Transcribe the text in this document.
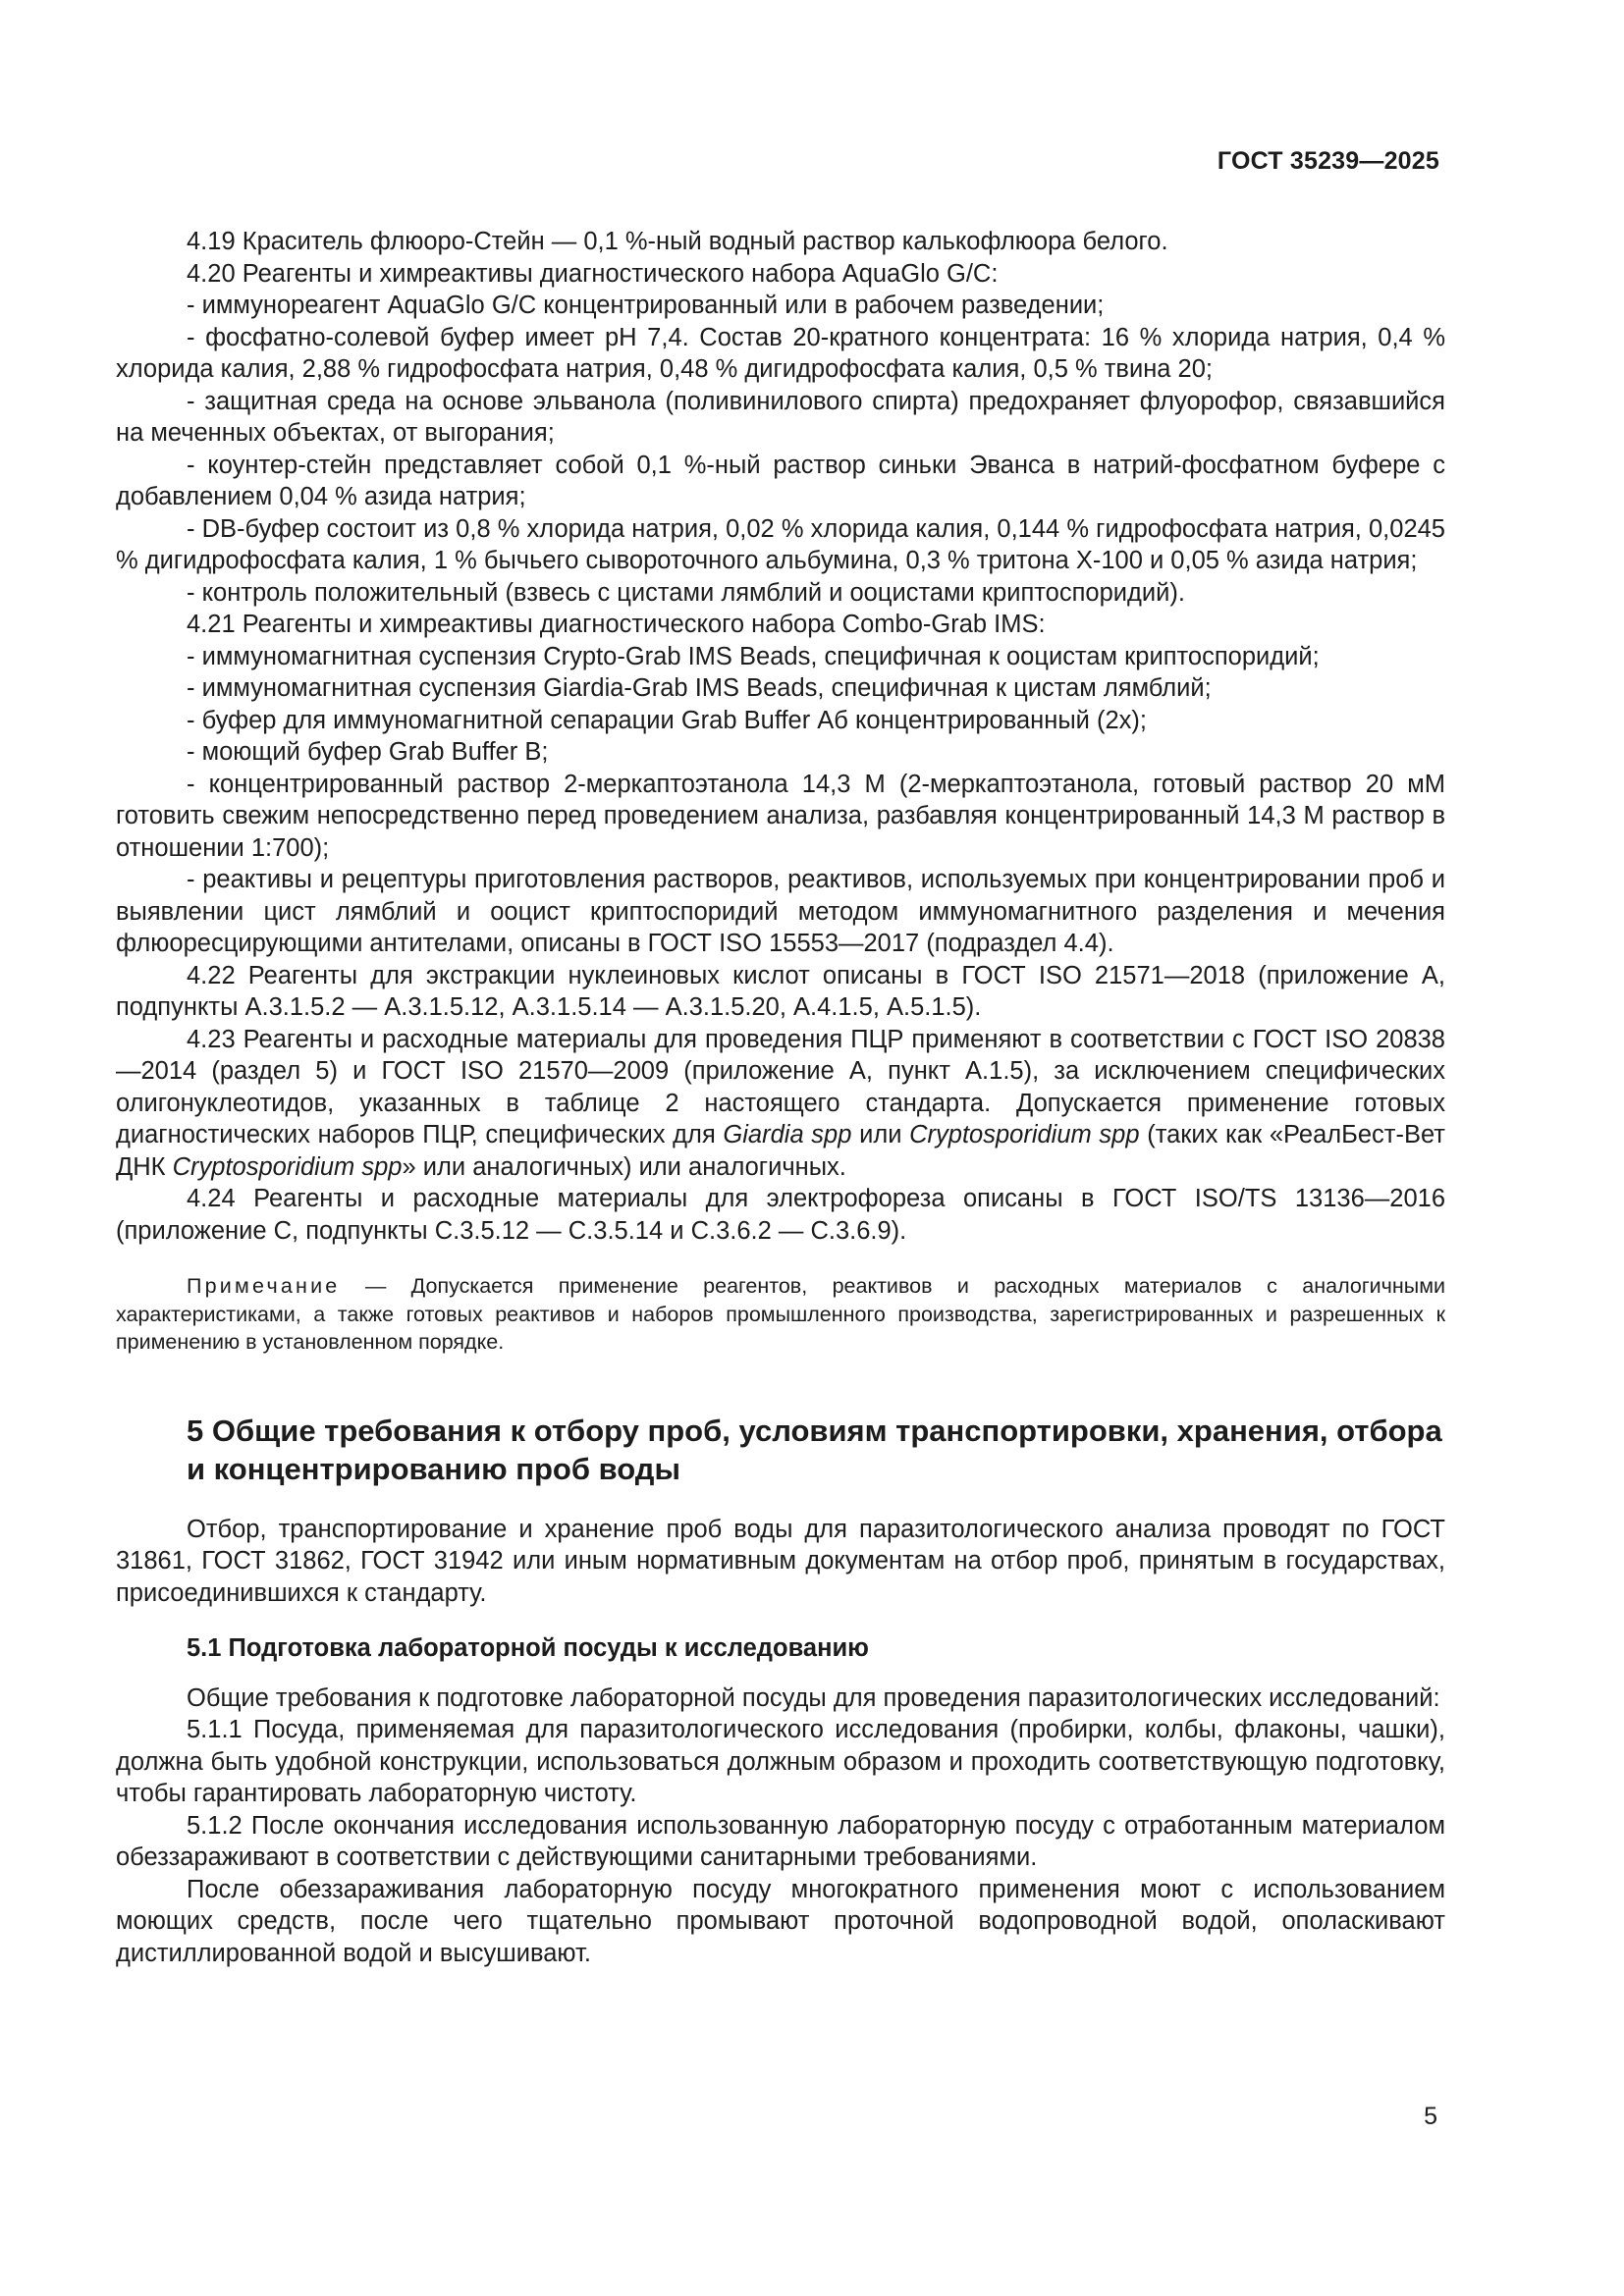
ГОСТ 35239—2025

4.19 Краситель флюоро-Стейн — 0,1 %-ный водный раствор калькофлюора белого.

4.20 Реагенты и химреактивы диагностического набора AquaGlo G/C:

- иммунореагент AquaGlo G/C концентрированный или в рабочем разведении;

- фосфатно-солевой буфер имеет pH 7,4. Состав 20-кратного концентрата: 16 % хлорида натрия, 0,4 % хлорида калия, 2,88 % гидрофосфата натрия, 0,48 % дигидрофосфата калия, 0,5 % твина 20;

- защитная среда на основе эльванола (поливинилового спирта) предохраняет флуорофор, связавшийся на меченных объектах, от выгорания;

- коунтер-стейн представляет собой 0,1 %-ный раствор синьки Эванса в натрий-фосфатном буфере с добавлением 0,04 % азида натрия;

- DB-буфер состоит из 0,8 % хлорида натрия, 0,02 % хлорида калия, 0,144 % гидрофосфата натрия, 0,0245 % дигидрофосфата калия, 1 % бычьего сывороточного альбумина, 0,3 % тритона Х-100 и 0,05 % азида натрия;

- контроль положительный (взвесь с цистами лямблий и ооцистами криптоспоридий).

4.21 Реагенты и химреактивы диагностического набора Combo-Grab IMS:

- иммуномагнитная суспензия Crypto-Grab IMS Beads, специфичная к ооцистам криптоспоридий;

- иммуномагнитная суспензия Giardia-Grab IMS Beads, специфичная к цистам лямблий;

- буфер для иммуномагнитной сепарации Grab Buffer Аб концентрированный (2х);

- моющий буфер Grab Buffer В;

- концентрированный раствор 2-меркаптоэтанола 14,3 М (2-меркаптоэтанола, готовый раствор 20 мМ готовить свежим непосредственно перед проведением анализа, разбавляя концентрированный 14,3 М раствор в отношении 1:700);

- реактивы и рецептуры приготовления растворов, реактивов, используемых при концентрировании проб и выявлении цист лямблий и ооцист криптоспоридий методом иммуномагнитного разделения и мечения флюоресцирующими антителами, описаны в ГОСТ ISO 15553—2017 (подраздел 4.4).

4.22 Реагенты для экстракции нуклеиновых кислот описаны в ГОСТ ISO 21571—2018 (приложение А, подпункты А.3.1.5.2 — А.3.1.5.12, А.3.1.5.14 — А.3.1.5.20, А.4.1.5, А.5.1.5).

4.23 Реагенты и расходные материалы для проведения ПЦР применяют в соответствии с ГОСТ ISO 20838—2014 (раздел 5) и ГОСТ ISO 21570—2009 (приложение А, пункт А.1.5), за исключением специфических олигонуклеотидов, указанных в таблице 2 настоящего стандарта. Допускается применение готовых диагностических наборов ПЦР, специфических для Giardia spp или Cryptosporidium spp (таких как «РеалБест-Вет ДНК Cryptosporidium spp» или аналогичных) или аналогичных.

4.24 Реагенты и расходные материалы для электрофореза описаны в ГОСТ ISO/TS 13136—2016 (приложение С, подпункты С.3.5.12 — С.3.5.14 и С.3.6.2 — С.3.6.9).

Примечание — Допускается применение реагентов, реактивов и расходных материалов с аналогичными характеристиками, а также готовых реактивов и наборов промышленного производства, зарегистрированных и разрешенных к применению в установленном порядке.
5 Общие требования к отбору проб, условиям транспортировки, хранения, отбора и концентрированию проб воды

Отбор, транспортирование и хранение проб воды для паразитологического анализа проводят по ГОСТ 31861, ГОСТ 31862, ГОСТ 31942 или иным нормативным документам на отбор проб, принятым в государствах, присоединившихся к стандарту.

5.1 Подготовка лабораторной посуды к исследованию

Общие требования к подготовке лабораторной посуды для проведения паразитологических исследований:

5.1.1 Посуда, применяемая для паразитологического исследования (пробирки, колбы, флаконы, чашки), должна быть удобной конструкции, использоваться должным образом и проходить соответствующую подготовку, чтобы гарантировать лабораторную чистоту.

5.1.2 После окончания исследования использованную лабораторную посуду с отработанным материалом обеззараживают в соответствии с действующими санитарными требованиями.

После обеззараживания лабораторную посуду многократного применения моют с использованием моющих средств, после чего тщательно промывают проточной водопроводной водой, ополаскивают дистиллированной водой и высушивают.

5
